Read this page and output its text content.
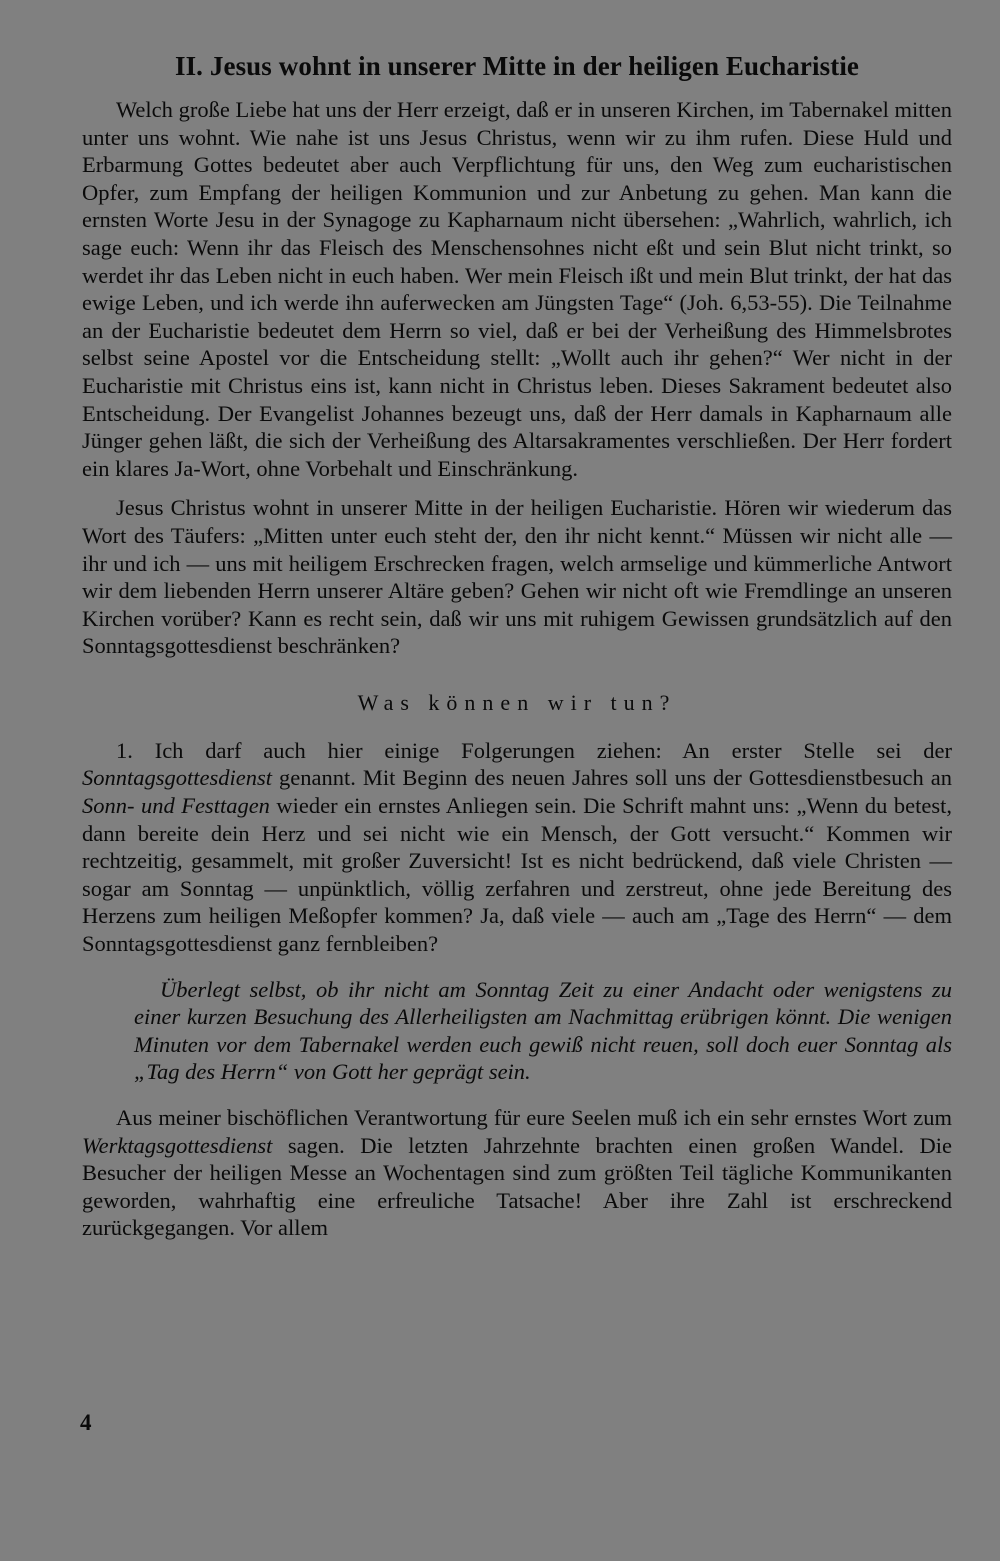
II. Jesus wohnt in unserer Mitte in der heiligen Eucharistie

Welch große Liebe hat uns der Herr erzeigt, daß er in unseren Kirchen, im Tabernakel mitten unter uns wohnt. Wie nahe ist uns Jesus Christus, wenn wir zu ihm rufen. Diese Huld und Erbarmung Gottes bedeutet aber auch Verpflichtung für uns, den Weg zum eucharistischen Opfer, zum Empfang der heiligen Kommunion und zur Anbetung zu gehen. Man kann die ernsten Worte Jesu in der Synagoge zu Kapharnaum nicht übersehen: „Wahrlich, wahrlich, ich sage euch: Wenn ihr das Fleisch des Menschensohnes nicht eßt und sein Blut nicht trinkt, so werdet ihr das Leben nicht in euch haben. Wer mein Fleisch ißt und mein Blut trinkt, der hat das ewige Leben, und ich werde ihn auferwecken am Jüngsten Tage“ (Joh. 6,53-55). Die Teilnahme an der Eucharistie bedeutet dem Herrn so viel, daß er bei der Verheißung des Himmelsbrotes selbst seine Apostel vor die Entscheidung stellt: „Wollt auch ihr gehen?“ Wer nicht in der Eucharistie mit Christus eins ist, kann nicht in Christus leben. Dieses Sakrament bedeutet also Entscheidung. Der Evangelist Johannes bezeugt uns, daß der Herr damals in Kapharnaum alle Jünger gehen läßt, die sich der Verheißung des Altarsakramentes verschließen. Der Herr fordert ein klares Ja-Wort, ohne Vorbehalt und Einschränkung.

Jesus Christus wohnt in unserer Mitte in der heiligen Eucharistie. Hören wir wiederum das Wort des Täufers: „Mitten unter euch steht der, den ihr nicht kennt.“ Müssen wir nicht alle — ihr und ich — uns mit heiligem Erschrecken fragen, welch armselige und kümmerliche Antwort wir dem liebenden Herrn unserer Altäre geben? Gehen wir nicht oft wie Fremdlinge an unseren Kirchen vorüber? Kann es recht sein, daß wir uns mit ruhigem Gewissen grundsätzlich auf den Sonntagsgottesdienst beschränken?

Was können wir tun?

1. Ich darf auch hier einige Folgerungen ziehen: An erster Stelle sei der Sonntagsgottesdienst genannt. Mit Beginn des neuen Jahres soll uns der Gottesdienstbesuch an Sonn- und Festtagen wieder ein ernstes Anliegen sein. Die Schrift mahnt uns: „Wenn du betest, dann bereite dein Herz und sei nicht wie ein Mensch, der Gott versucht.“ Kommen wir rechtzeitig, gesammelt, mit großer Zuversicht! Ist es nicht bedrückend, daß viele Christen — sogar am Sonntag — unpünktlich, völlig zerfahren und zerstreut, ohne jede Bereitung des Herzens zum heiligen Meßopfer kommen? Ja, daß viele — auch am „Tage des Herrn“ — dem Sonntagsgottesdienst ganz fernbleiben?

Überlegt selbst, ob ihr nicht am Sonntag Zeit zu einer Andacht oder wenigstens zu einer kurzen Besuchung des Allerheiligsten am Nachmittag erübrigen könnt. Die wenigen Minuten vor dem Tabernakel werden euch gewiß nicht reuen, soll doch euer Sonntag als „Tag des Herrn“ von Gott her geprägt sein.

Aus meiner bischöflichen Verantwortung für eure Seelen muß ich ein sehr ernstes Wort zum Werktagsgottesdienst sagen. Die letzten Jahrzehnte brachten einen großen Wandel. Die Besucher der heiligen Messe an Wochentagen sind zum größten Teil tägliche Kommunikanten geworden, wahrhaftig eine erfreuliche Tatsache! Aber ihre Zahl ist erschreckend zurückgegangen. Vor allem

4
